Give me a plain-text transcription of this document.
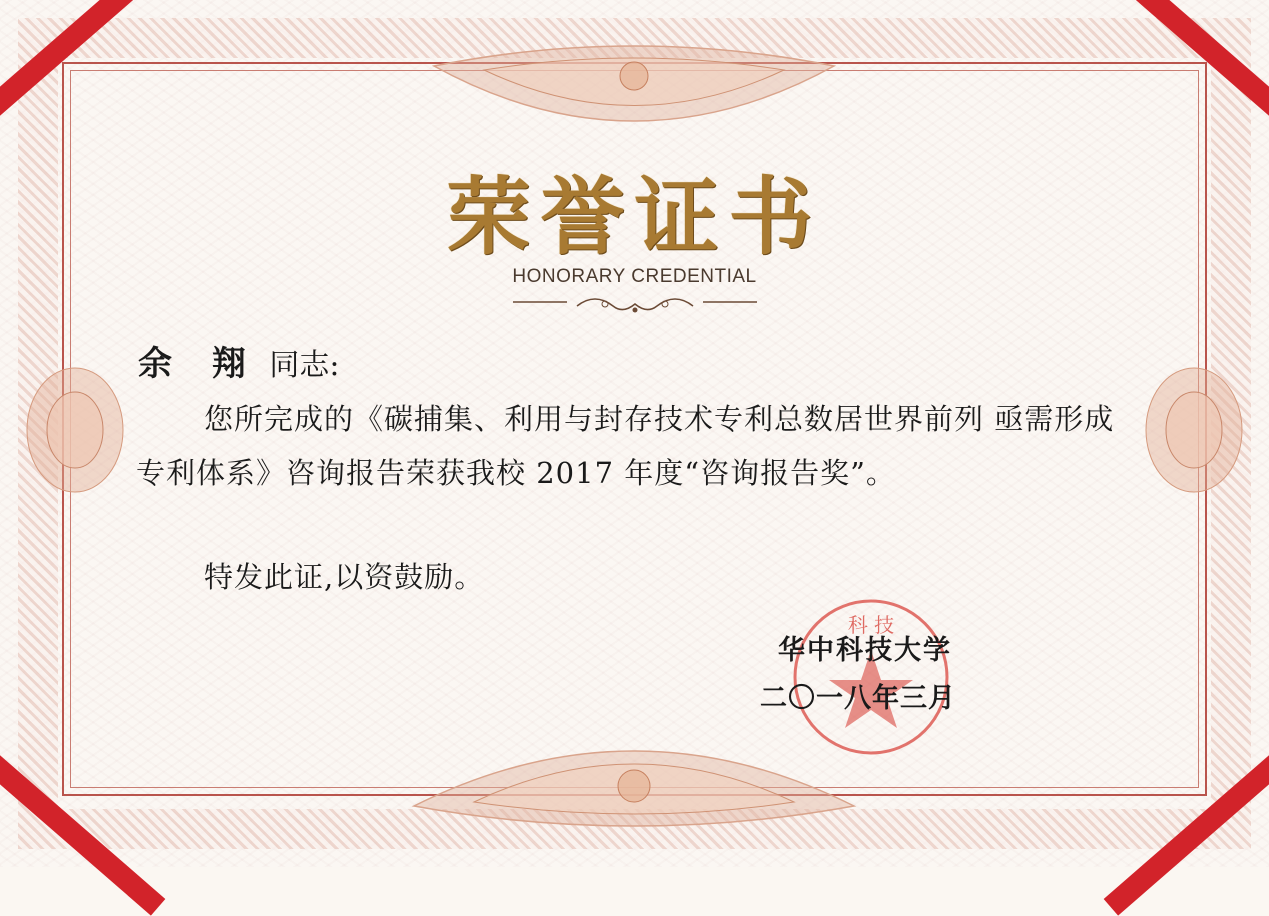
荣誉证书
HONORARY CREDENTIAL
余 翔 同志:
您所完成的《碳捕集、利用与封存技术专利总数居世界前列 亟需形成专利体系》咨询报告荣获我校 2017 年度“咨询报告奖”。
特发此证,以资鼓励。
科 技
华中科技大学
二〇一八年三月
